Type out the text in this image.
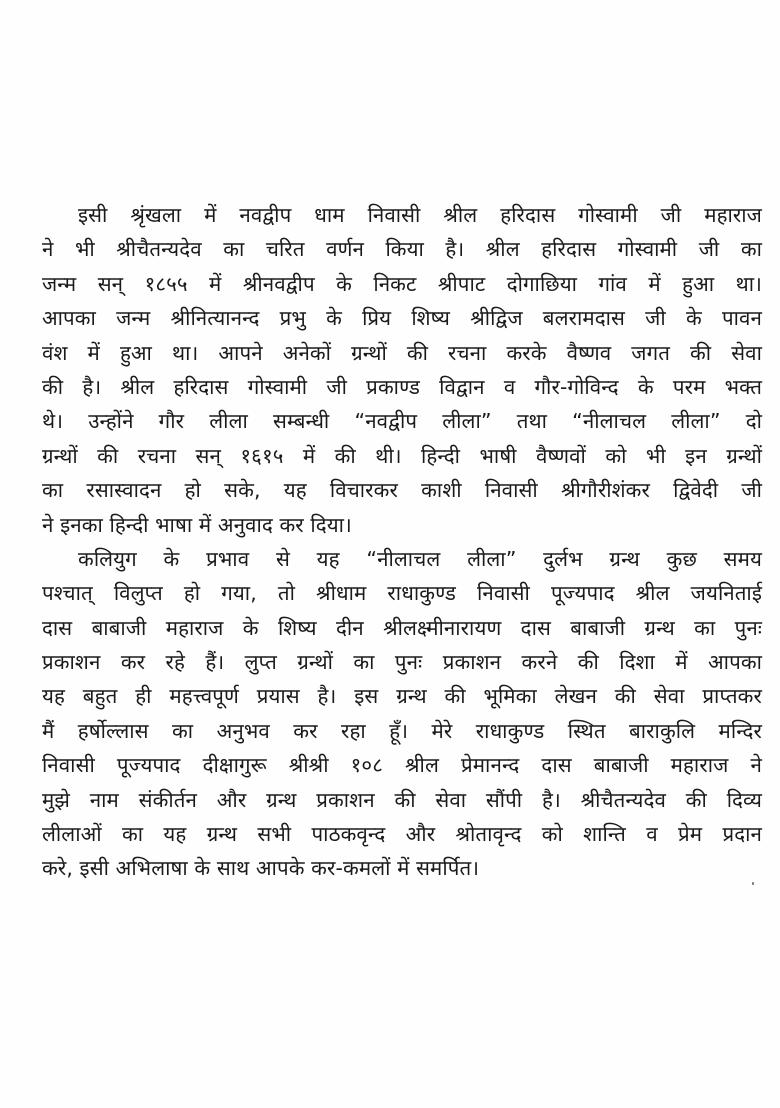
इसी श्रृंखला में नवद्वीप धाम निवासी श्रील हरिदास गोस्वामी जी महाराज
ने भी श्रीचैतन्यदेव का चरित वर्णन किया है। श्रील हरिदास गोस्वामी जी का
जन्म सन् १८५५ में श्रीनवद्वीप के निकट श्रीपाट दोगाछिया गांव में हुआ था।
आपका जन्म श्रीनित्यानन्द प्रभु के प्रिय शिष्य श्रीद्विज बलरामदास जी के पावन
वंश में हुआ था। आपने अनेकों ग्रन्थों की रचना करके वैष्णव जगत की सेवा
की है। श्रील हरिदास गोस्वामी जी प्रकाण्ड विद्वान व गौर-गोविन्द के परम भक्त
थे। उन्होंने गौर लीला सम्बन्धी “नवद्वीप लीला” तथा “नीलाचल लीला” दो
ग्रन्थों की रचना सन् १६१५ में की थी। हिन्दी भाषी वैष्णवों को भी इन ग्रन्थों
का रसास्वादन हो सके, यह विचारकर काशी निवासी श्रीगौरीशंकर द्विवेदी जी
ने इनका हिन्दी भाषा में अनुवाद कर दिया।
कलियुग के प्रभाव से यह “नीलाचल लीला” दुर्लभ ग्रन्थ कुछ समय
पश्चात् विलुप्त हो गया, तो श्रीधाम राधाकुण्ड निवासी पूज्यपाद श्रील जयनिताई
दास बाबाजी महाराज के शिष्य दीन श्रीलक्ष्मीनारायण दास बाबाजी ग्रन्थ का पुनः
प्रकाशन कर रहे हैं। लुप्त ग्रन्थों का पुनः प्रकाशन करने की दिशा में आपका
यह बहुत ही महत्त्वपूर्ण प्रयास है। इस ग्रन्थ की भूमिका लेखन की सेवा प्राप्तकर
मैं हर्षोल्लास का अनुभव कर रहा हूँ। मेरे राधाकुण्ड स्थित बाराकुलि मन्दिर
निवासी पूज्यपाद दीक्षागुरू श्रीश्री १०८ श्रील प्रेमानन्द दास बाबाजी महाराज ने
मुझे नाम संकीर्तन और ग्रन्थ प्रकाशन की सेवा सौंपी है। श्रीचैतन्यदेव की दिव्य
लीलाओं का यह ग्रन्थ सभी पाठकवृन्द और श्रोतावृन्द को शान्ति व प्रेम प्रदान
करे, इसी अभिलाषा के साथ आपके कर-कमलों में समर्पित।
